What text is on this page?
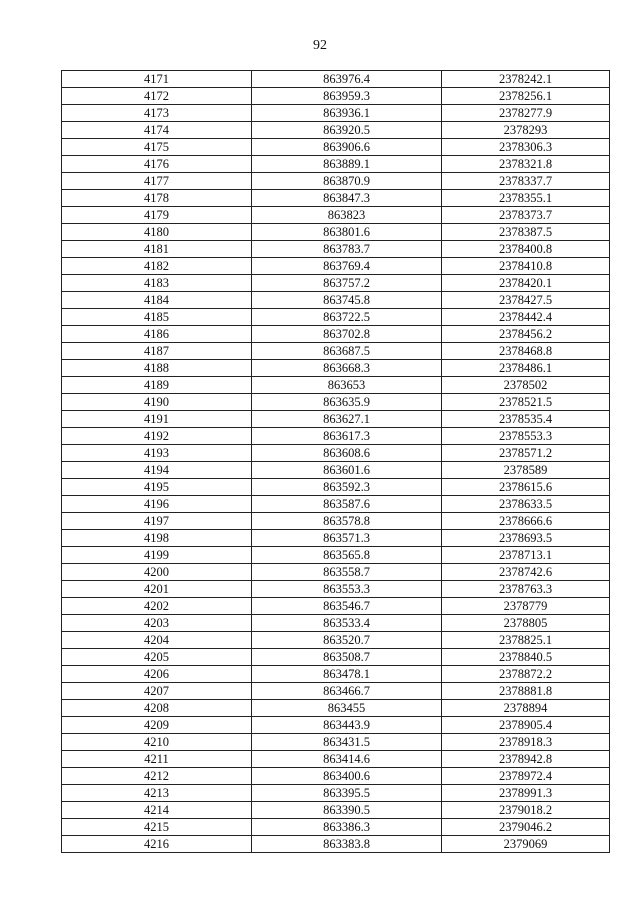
92
4171	863976.4	2378242.1
4172	863959.3	2378256.1
4173	863936.1	2378277.9
4174	863920.5	2378293
4175	863906.6	2378306.3
4176	863889.1	2378321.8
4177	863870.9	2378337.7
4178	863847.3	2378355.1
4179	863823	2378373.7
4180	863801.6	2378387.5
4181	863783.7	2378400.8
4182	863769.4	2378410.8
4183	863757.2	2378420.1
4184	863745.8	2378427.5
4185	863722.5	2378442.4
4186	863702.8	2378456.2
4187	863687.5	2378468.8
4188	863668.3	2378486.1
4189	863653	2378502
4190	863635.9	2378521.5
4191	863627.1	2378535.4
4192	863617.3	2378553.3
4193	863608.6	2378571.2
4194	863601.6	2378589
4195	863592.3	2378615.6
4196	863587.6	2378633.5
4197	863578.8	2378666.6
4198	863571.3	2378693.5
4199	863565.8	2378713.1
4200	863558.7	2378742.6
4201	863553.3	2378763.3
4202	863546.7	2378779
4203	863533.4	2378805
4204	863520.7	2378825.1
4205	863508.7	2378840.5
4206	863478.1	2378872.2
4207	863466.7	2378881.8
4208	863455	2378894
4209	863443.9	2378905.4
4210	863431.5	2378918.3
4211	863414.6	2378942.8
4212	863400.6	2378972.4
4213	863395.5	2378991.3
4214	863390.5	2379018.2
4215	863386.3	2379046.2
4216	863383.8	2379069
